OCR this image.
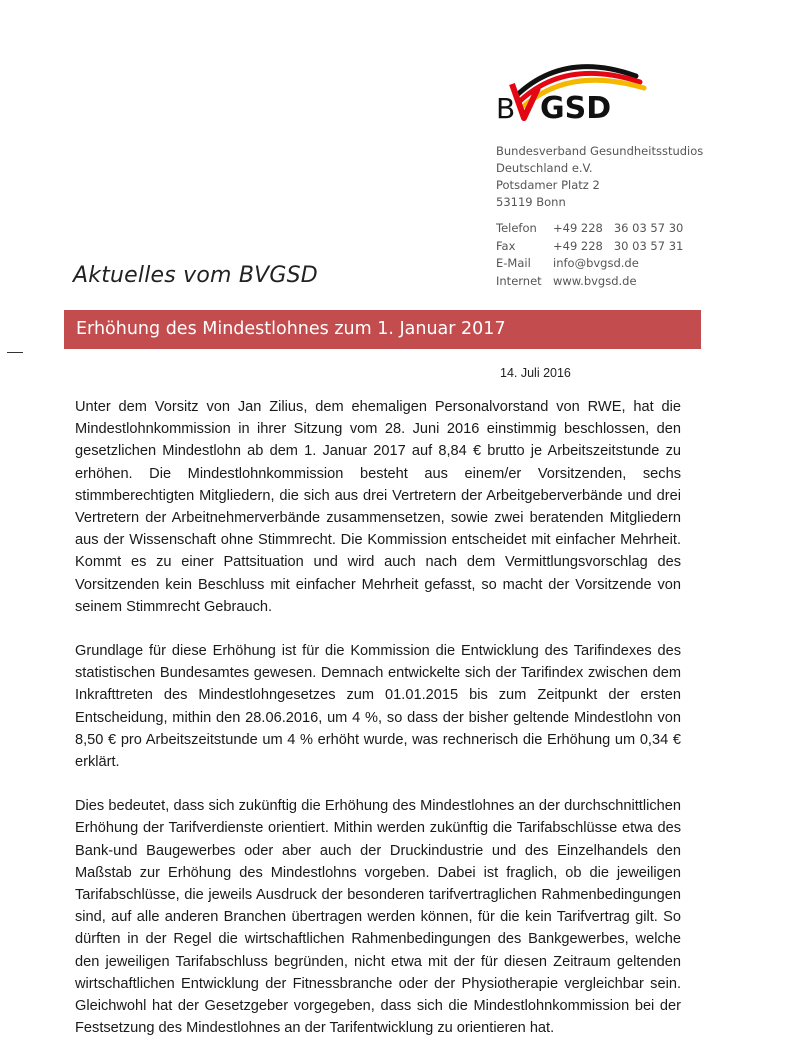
B GSD
Bundesverband Gesundheitsstudios
Deutschland e.V.
Potsdamer Platz 2
53119 Bonn
Telefon	+49 228   36 03 57 30
Fax	+49 228   30 03 57 31
E-Mail	info@bvgsd.de
Internet www.bvgsd.de
Aktuelles vom BVGSD
Erhöhung des Mindestlohnes zum 1. Januar 2017
14. Juli 2016

Unter dem Vorsitz von Jan Zilius, dem ehemaligen Personalvorstand von RWE, hat die Mindestlohnkommission in ihrer Sitzung vom 28. Juni 2016 einstimmig beschlossen, den gesetzlichen Mindestlohn ab dem 1. Januar 2017 auf 8,84 € brutto je Arbeitszeitstunde zu erhöhen. Die Mindestlohnkommission besteht aus einem/er Vorsitzenden, sechs stimmberechtigten Mitgliedern, die sich aus drei Vertretern der Arbeitgeberverbände und drei Vertretern der Arbeitnehmerverbände zusammensetzen, sowie zwei beratenden Mitgliedern aus der Wissenschaft ohne Stimmrecht. Die Kommission entscheidet mit einfacher Mehrheit. Kommt es zu einer Pattsituation und wird auch nach dem Vermittlungsvorschlag des Vorsitzenden kein Beschluss mit einfacher Mehrheit gefasst, so macht der Vorsitzende von seinem Stimmrecht Gebrauch.

Grundlage für diese Erhöhung ist für die Kommission die Entwicklung des Tarifindexes des statistischen Bundesamtes gewesen. Demnach entwickelte sich der Tarifindex zwischen dem Inkrafttreten des Mindestlohngesetzes zum 01.01.2015 bis zum Zeitpunkt der ersten Entscheidung, mithin den 28.06.2016, um 4 %, so dass der bisher geltende Mindestlohn von 8,50 € pro Arbeitszeitstunde um 4 % erhöht wurde, was rechnerisch die Erhöhung um 0,34 € erklärt.

Dies bedeutet, dass sich zukünftig die Erhöhung des Mindestlohnes an der durchschnittlichen Erhöhung der Tarifverdienste orientiert. Mithin werden zukünftig die Tarifabschlüsse etwa des Bank-und Baugewerbes oder aber auch der Druckindustrie und des Einzelhandels den Maßstab zur Erhöhung des Mindestlohns vorgeben. Dabei ist fraglich, ob die jeweiligen Tarifabschlüsse, die jeweils Ausdruck der besonderen tarifvertraglichen Rahmenbedingungen sind, auf alle anderen Branchen übertragen werden können, für die kein Tarifvertrag gilt. So dürften in der Regel die wirtschaftlichen Rahmenbedingungen des Bankgewerbes, welche den jeweiligen Tarifabschluss begründen, nicht etwa mit der für diesen Zeitraum geltenden wirtschaftlichen Entwicklung der Fitnessbranche oder der Physiotherapie vergleichbar sein. Gleichwohl hat der Gesetzgeber vorgegeben, dass sich die Mindestlohnkommission bei der Festsetzung des Mindestlohnes an der Tarifentwicklung zu orientieren hat.
